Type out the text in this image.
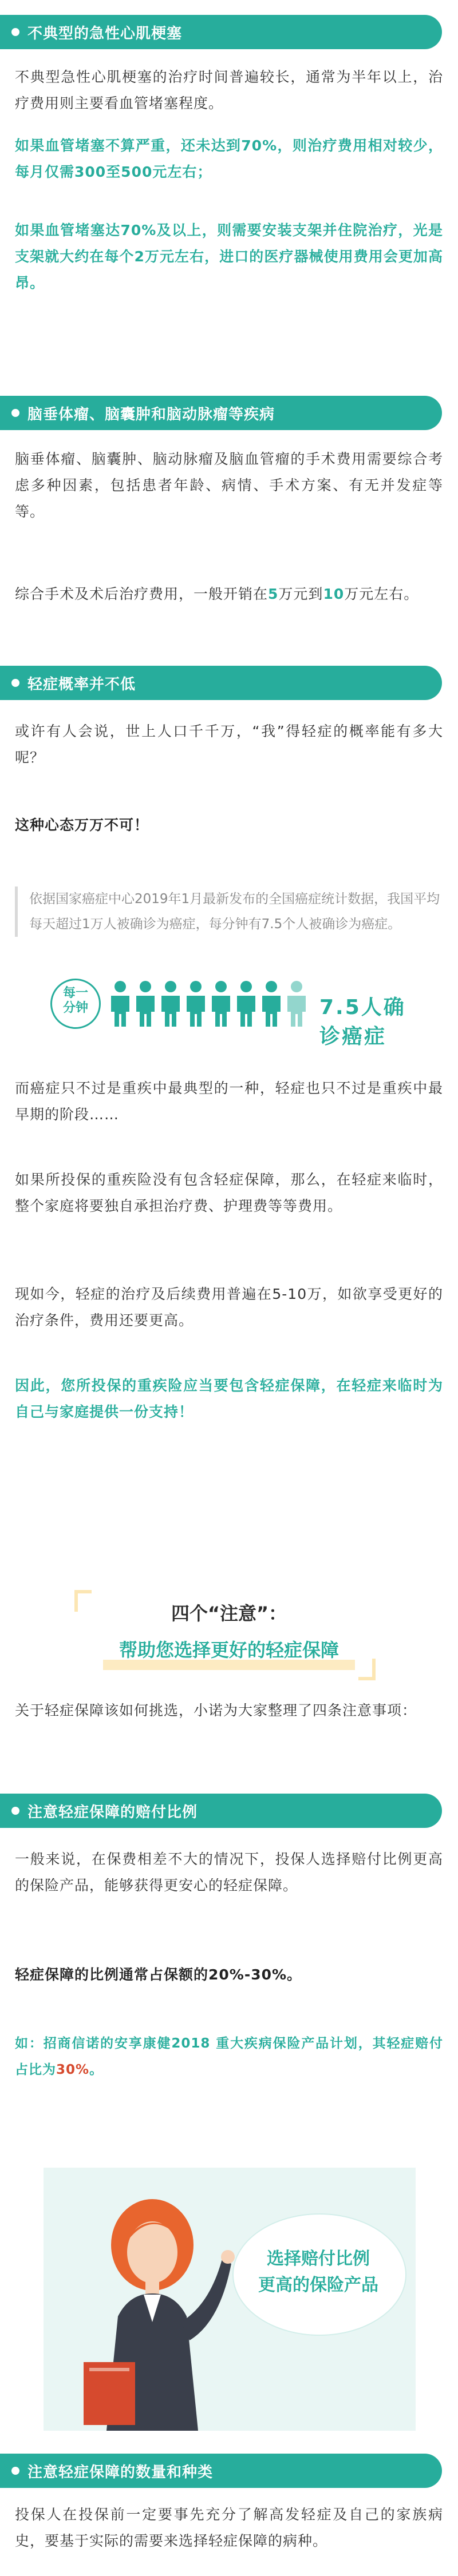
不典型的急性心肌梗塞

不典型急性心肌梗塞的治疗时间普遍较长，通常为半年以上，治疗费用则主要看血管堵塞程度。

如果血管堵塞不算严重，还未达到70%，则治疗费用相对较少，每月仅需300至500元左右；

如果血管堵塞达70%及以上，则需要安装支架并住院治疗，光是支架就大约在每个2万元左右，进口的医疗器械使用费用会更加高昂。

脑垂体瘤、脑囊肿和脑动脉瘤等疾病

脑垂体瘤、脑囊肿、脑动脉瘤及脑血管瘤的手术费用需要综合考虑多种因素，包括患者年龄、病情、手术方案、有无并发症等等。

综合手术及术后治疗费用，一般开销在5万元到10万元左右。

轻症概率并不低

或许有人会说，世上人口千千万，“我”得轻症的概率能有多大呢？

这种心态万万不可！

依据国家癌症中心2019年1月最新发布的全国癌症统计数据，我国平均每天超过1万人被确诊为癌症，每分钟有7.5个人被确诊为癌症。
每一
分钟	7.5人确诊癌症

而癌症只不过是重疾中最典型的一种，轻症也只不过是重疾中最早期的阶段……

如果所投保的重疾险没有包含轻症保障，那么，在轻症来临时，整个家庭将要独自承担治疗费、护理费等等费用。

现如今，轻症的治疗及后续费用普遍在5-10万，如欲享受更好的治疗条件，费用还要更高。

因此，您所投保的重疾险应当要包含轻症保障，在轻症来临时为自己与家庭提供一份支持！

四个“注意”：
帮助您选择更好的轻症保障

关于轻症保障该如何挑选，小诺为大家整理了四条注意事项：

注意轻症保障的赔付比例

一般来说，在保费相差不大的情况下，投保人选择赔付比例更高的保险产品，能够获得更安心的轻症保障。

轻症保障的比例通常占保额的20%-30%。

如：招商信诺的安享康健2018 重大疾病保险产品计划，其轻症赔付占比为30%。

选择赔付比例
更高的保险产品
注意轻症保障的数量和种类

投保人在投保前一定要事先充分了解高发轻症及自己的家族病史，要基于实际的需要来选择轻症保障的病种。
